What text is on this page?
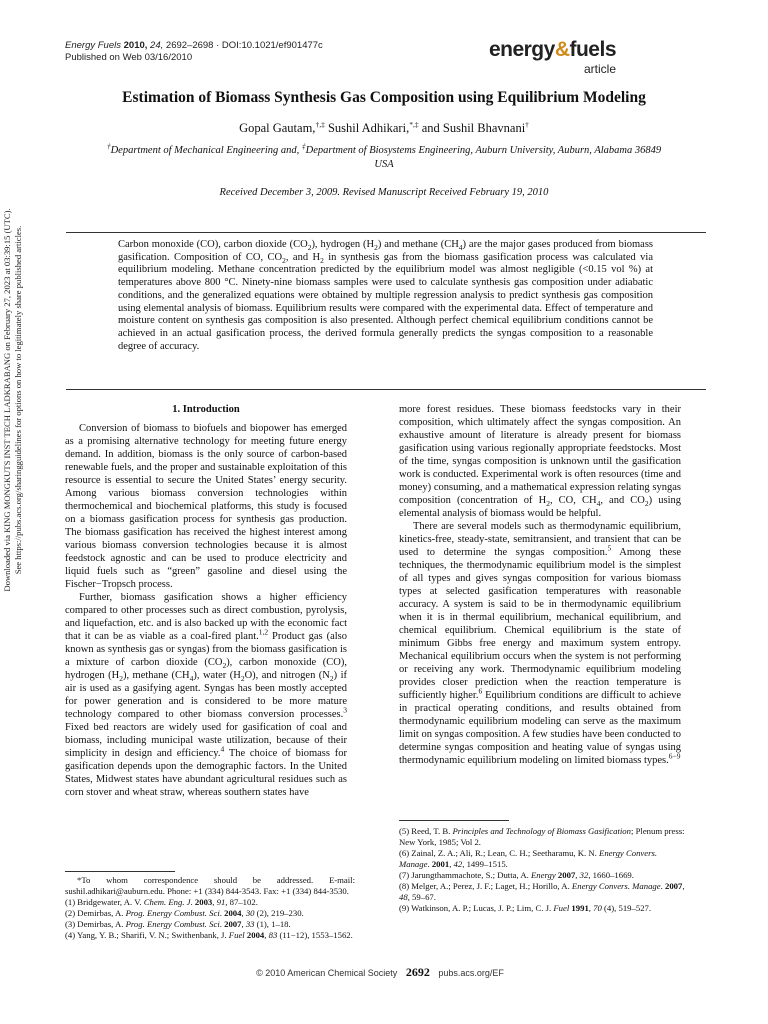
Energy Fuels 2010, 24, 2692–2698 · DOI:10.1021/ef901477c
Published on Web 03/16/2010	energy&fuels
article
Downloaded via KING MONGKUTS INST TECH LADKRABANG on February 27, 2023 at 03:39:15 (UTC). See https://pubs.acs.org/sharingguidelines for options on how to legitimately share published articles.
Estimation of Biomass Synthesis Gas Composition using Equilibrium Modeling
Gopal Gautam,†,‡ Sushil Adhikari,*,‡ and Sushil Bhavnani†
†Department of Mechanical Engineering and, ‡Department of Biosystems Engineering, Auburn University, Auburn, Alabama 36849 USA
Received December 3, 2009. Revised Manuscript Received February 19, 2010
Carbon monoxide (CO), carbon dioxide $(CO_2)$, hydrogen $(H_2)$ and methane $(CH_4)$ are the major gases produced from biomass gasification. Composition of CO, $CO_2$, and $H_2$ in synthesis gas from the biomass gasification process was calculated via equilibrium modeling. Methane concentration predicted by the equilibrium model was almost negligible (<0.15 vol %) at temperatures above 800 °C. Ninety-nine biomass samples were used to calculate synthesis gas composition under adiabatic conditions, and the generalized equations were obtained by multiple regression analysis to predict synthesis gas composition using elemental analysis of biomass. Equilibrium results were compared with the experimental data. Effect of temperature and moisture content on synthesis gas composition is also presented. Although perfect chemical equilibrium conditions cannot be achieved in an actual gasification process, the derived formula generally predicts the syngas composition to a reasonable degree of accuracy.
1. Introduction

Conversion of biomass to biofuels and biopower has emerged as a promising alternative technology for meeting future energy demand. In addition, biomass is the only source of carbon-based renewable fuels, and the proper and sustainable exploitation of this resource is essential to secure the United States’ energy security. Among various biomass conversion technologies within thermochemical and biochemical platforms, this study is focused on a biomass gasification process for synthesis gas production. The biomass gasification has received the highest interest among various biomass conversion technologies because it is almost feedstock agnostic and can be used to produce electricity and liquid fuels such as “green” gasoline and diesel using the Fischer−Tropsch process.

Further, biomass gasification shows a higher efficiency compared to other processes such as direct combustion, pyrolysis, and liquefaction, etc. and is also backed up with the economic fact that it can be as viable as a coal-fired plant.$^{1,2}$ Product gas (also known as synthesis gas or syngas) from the biomass gasification is a mixture of carbon dioxide $(CO_2)$, carbon monoxide (CO), hydrogen $(H_2)$, methane $(CH_4)$, water $(H_2O)$, and nitrogen $(N_2)$ if air is used as a gasifying agent. Syngas has been mostly accepted for power generation and is considered to be more mature technology compared to other biomass conversion processes.$^3$ Fixed bed reactors are widely used for gasification of coal and biomass, including municipal waste utilization, because of their simplicity in design and efficiency.$^4$ The choice of biomass for gasification depends upon the demographic factors. In the United States, Midwest states have abundant agricultural residues such as corn stover and wheat straw, whereas southern states have

more forest residues. These biomass feedstocks vary in their composition, which ultimately affect the syngas composition. An exhaustive amount of literature is already present for biomass gasification using various regionally appropriate feedstocks. Most of the time, syngas composition is unknown until the gasification work is conducted. Experimental work is often resources (time and money) consuming, and a mathematical expression relating syngas composition (concentration of $H_2$, CO, $CH_4$, and $CO_2$) using elemental analysis of biomass would be helpful.

There are several models such as thermodynamic equilibrium, kinetics-free, steady-state, semitransient, and transient that can be used to determine the syngas composition.$^5$ Among these techniques, the thermodynamic equilibrium model is the simplest of all types and gives syngas composition for various biomass types at selected gasification temperatures with reasonable accuracy. A system is said to be in thermodynamic equilibrium when it is in thermal equilibrium, mechanical equilibrium, and chemical equilibrium. Chemical equilibrium is the state of minimum Gibbs free energy and maximum system entropy. Mechanical equilibrium occurs when the system is not performing or receiving any work. Thermodynamic equilibrium modeling provides closer prediction when the reaction temperature is sufficiently higher.$^6$ Equilibrium conditions are difficult to achieve in practical operating conditions, and results obtained from thermodynamic equilibrium modeling can serve as the maximum limit on syngas composition. A few studies have been conducted to determine syngas composition and heating value of syngas using thermodynamic equilibrium modeling on limited biomass types.$^{6-9}$

*To whom correspondence should be addressed. E-mail: sushil.adhikari@auburn.edu. Phone: +1 (334) 844-3543. Fax: +1 (334) 844-3530.
(1) Bridgewater, A. V. Chem. Eng. J. 2003, 91, 87–102.
(2) Demirbas, A. Prog. Energy Combust. Sci. 2004, 30 (2), 219–230.
(3) Demirbas, A. Prog. Energy Combust. Sci. 2007, 33 (1), 1–18.
(4) Yang, Y. B.; Sharifi, V. N.; Swithenbank, J. Fuel 2004, 83 (11−12), 1553–1562.
(5) Reed, T. B. Principles and Technology of Biomass Gasification; Plenum press: New York, 1985; Vol 2.
(6) Zainal, Z. A.; Ali, R.; Lean, C. H.; Seetharamu, K. N. Energy Convers. Manage. 2001, 42, 1499–1515.
(7) Jarungthammachote, S.; Dutta, A. Energy 2007, 32, 1660–1669.
(8) Melger, A.; Perez, J. F.; Laget, H.; Horillo, A. Energy Convers. Manage. 2007, 48, 59–67.
(9) Watkinson, A. P.; Lucas, J. P.; Lim, C. J. Fuel 1991, 70 (4), 519–527.
© 2010 American Chemical Society 2692 pubs.acs.org/EF
